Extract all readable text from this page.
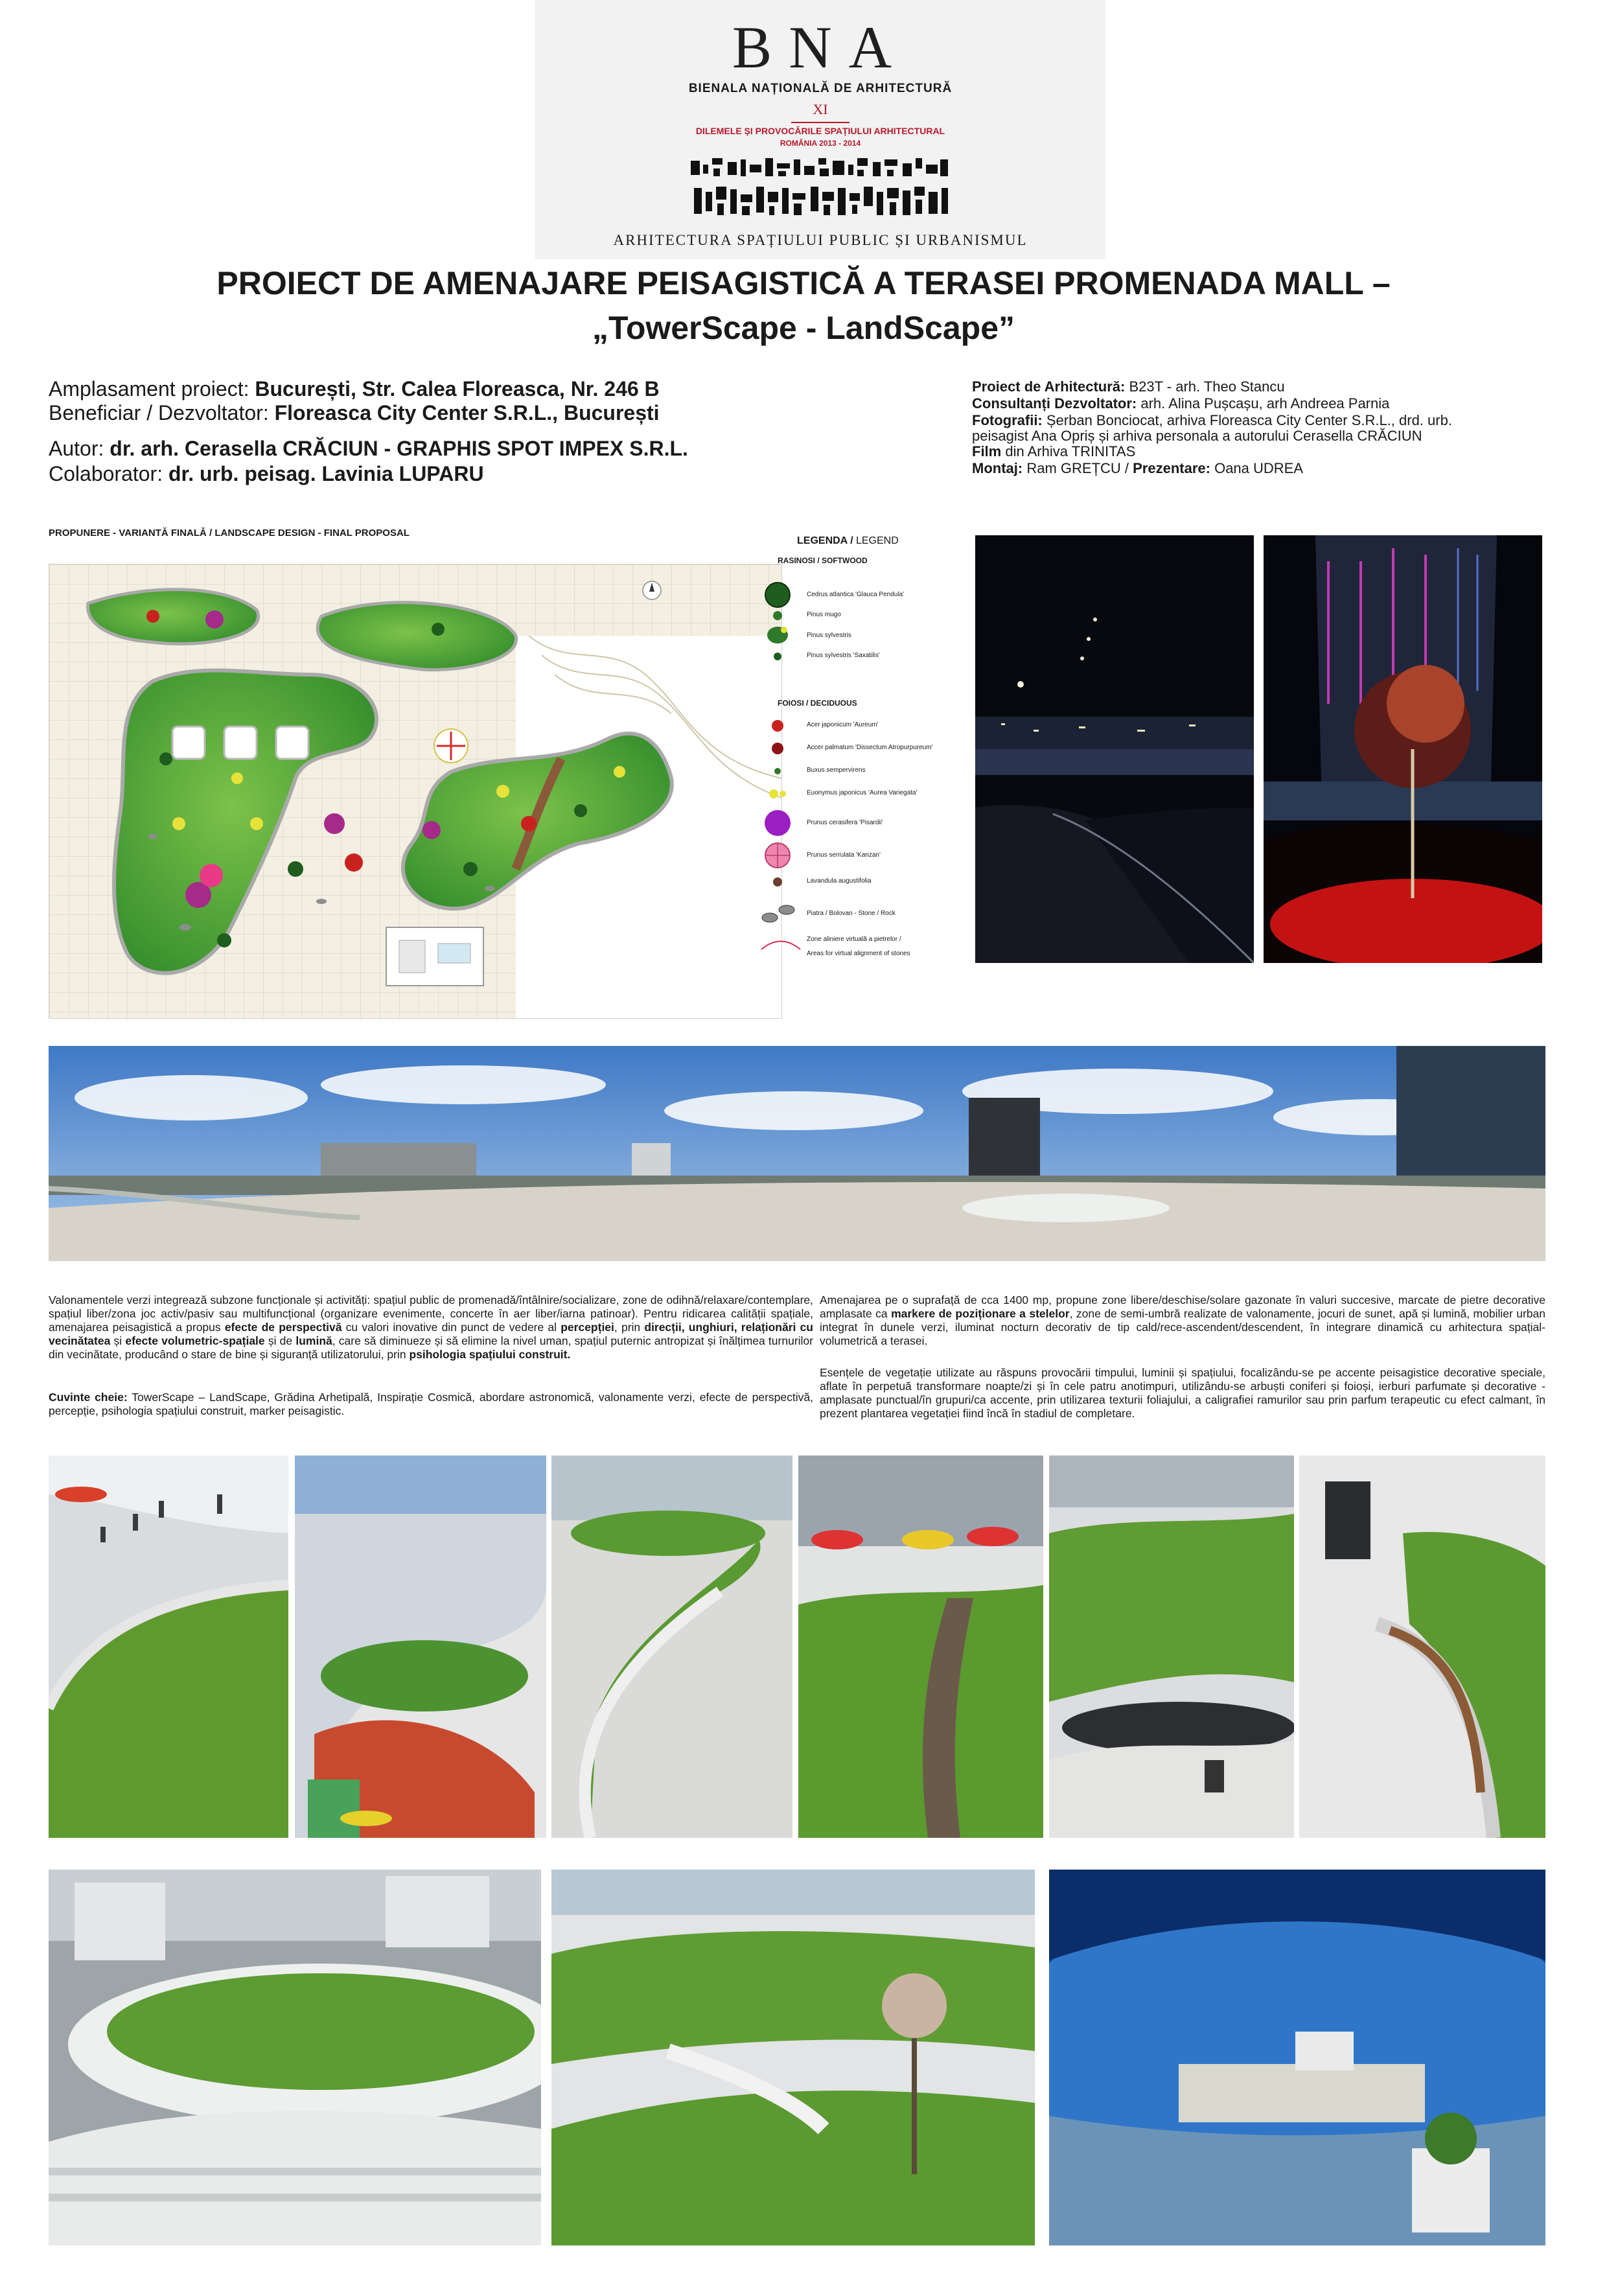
BNA
BIENALA NAȚIONALĂ DE ARHITECTURĂ
XI
DILEMELE ȘI PROVOCĂRILE SPAȚIULUI ARHITECTURAL
ROMÂNIA 2013 - 2014
ARHITECTURA SPAȚIULUI PUBLIC ȘI URBANISMUL
PROIECT DE AMENAJARE PEISAGISTICĂ A TERASEI PROMENADA MALL –
„TowerScape - LandScape”
Amplasament proiect: București, Str. Calea Floreasca, Nr. 246 B
Beneficiar / Dezvoltator: Floreasca City Center S.R.L., București
Autor: dr. arh. Cerasella CRĂCIUN - GRAPHIS SPOT IMPEX S.R.L.
Colaborator: dr. urb. peisag. Lavinia LUPARU
Proiect de Arhitectură: B23T - arh. Theo Stancu
Consultanți Dezvoltator: arh. Alina Pușcașu, arh Andreea Parnia
Fotografii: Șerban Bonciocat, arhiva Floreasca City Center S.R.L., drd. urb.
peisagist Ana Opriș și arhiva personala a autorului Cerasella CRĂCIUN
Film din Arhiva TRINITAS
Montaj: Ram GREȚCU / Prezentare: Oana UDREA
PROPUNERE - VARIANTĂ FINALĂ / LANDSCAPE DESIGN - FINAL PROPOSAL
LEGENDA / LEGEND
RASINOSI / SOFTWOOD
Cedrus atlantica 'Glauca Pendula'
Pinus mugo
Pinus sylvestris
Pinus sylvestris 'Saxatilis'
FOIOSI / DECIDUOUS
Acer japonicum 'Aureum'
Accer palmatum 'Dissectum Atropurpureum'
Buxus sempervirens
Euonymus japonicus 'Aurea Variegata'
Prunus cerasifera 'Pisardii'
Prunus serrulata 'Kanzan'
Lavandula augustifolia
Piatra / Bolovan - Stone / Rock
Zone aliniere virtuală a pietrelor /
Areas for virtual alignment of stones
Valonamentele verzi integrează subzone funcționale și activități: spațiul public de promenadă/întâlnire/socializare, zone de odihnă/relaxare/contemplare, spațiul liber/zona joc activ/pasiv sau multifuncțional (organizare evenimente, concerte în aer liber/iarna patinoar). Pentru ridicarea calității spațiale, amenajarea peisagistică a propus efecte de perspectivă cu valori inovative din punct de vedere al percepției, prin direcții, unghiuri, relaționări cu vecinătatea și efecte volumetric-spațiale și de lumină, care să diminueze și să elimine la nivel uman, spațiul puternic antropizat și înălțimea turnurilor din vecinătate, producând o stare de bine și siguranță utilizatorului, prin psihologia spațiului construit.
Cuvinte cheie: TowerScape – LandScape, Grădina Arhetipală, Inspirație Cosmică, abordare astronomică, valonamente verzi, efecte de perspectivă, percepție, psihologia spațiului construit, marker peisagistic.
Amenajarea pe o suprafață de cca 1400 mp, propune zone libere/deschise/solare gazonate în valuri succesive, marcate de pietre decorative amplasate ca markere de poziționare a stelelor, zone de semi-umbră realizate de valonamente, jocuri de sunet, apă și lumină, mobilier urban integrat în dunele verzi, iluminat nocturn decorativ de tip cald/rece-ascendent/descendent, în integrare dinamică cu arhitectura spațial-volumetrică a terasei.
Esențele de vegetație utilizate au răspuns provocării timpului, luminii și spațiului, focalizându-se pe accente peisagistice decorative speciale, aflate în perpetuă transformare noapte/zi și în cele patru anotimpuri, utilizându-se arbuști coniferi și foioși, ierburi parfumate și decorative - amplasate punctual/în grupuri/ca accente, prin utilizarea texturii foliajului, a caligrafiei ramurilor sau prin parfum terapeutic cu efect calmant, în prezent plantarea vegetației fiind încă în stadiul de completare.
